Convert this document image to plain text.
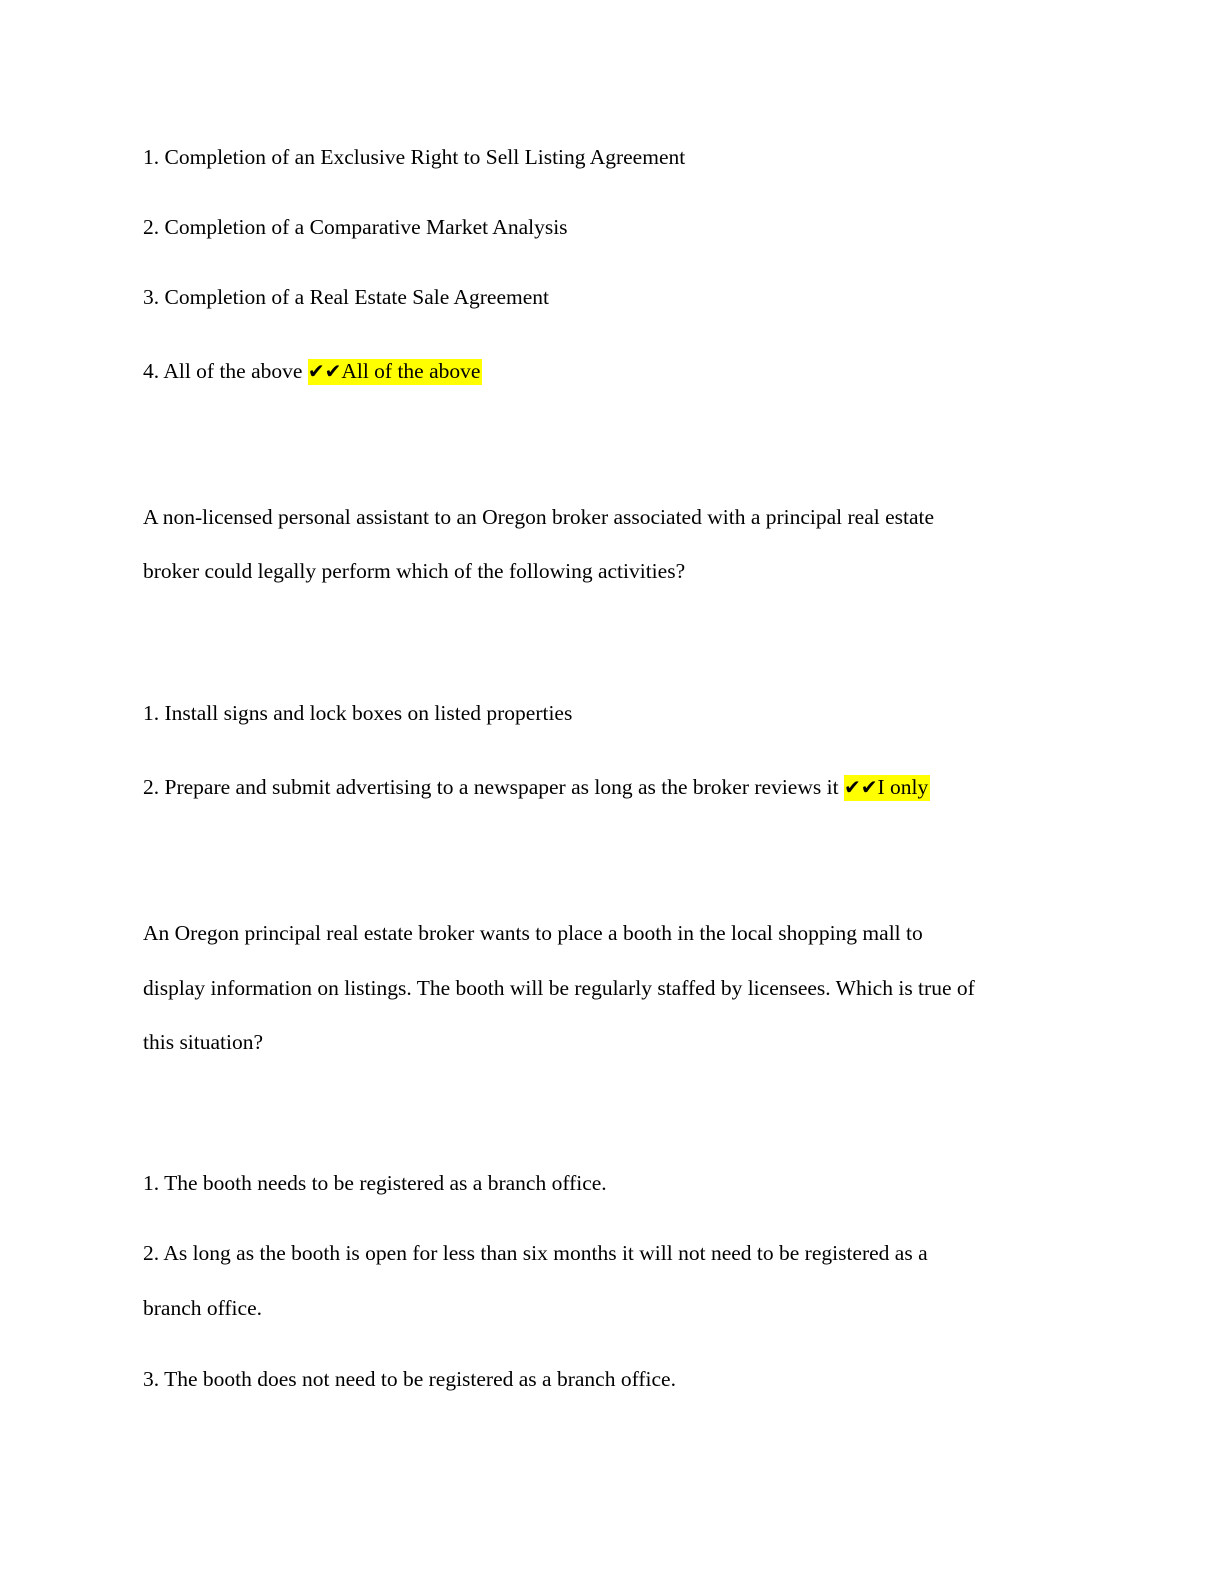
1. Completion of an Exclusive Right to Sell Listing Agreement
2. Completion of a Comparative Market Analysis
3. Completion of a Real Estate Sale Agreement
4. All of the above ✔✔All of the above
A non-licensed personal assistant to an Oregon broker associated with a principal real estate
broker could legally perform which of the following activities?
1. Install signs and lock boxes on listed properties
2. Prepare and submit advertising to a newspaper as long as the broker reviews it ✔✔I only
An Oregon principal real estate broker wants to place a booth in the local shopping mall to
display information on listings. The booth will be regularly staffed by licensees. Which is true of
this situation?
1. The booth needs to be registered as a branch office.
2. As long as the booth is open for less than six months it will not need to be registered as a
branch office.
3. The booth does not need to be registered as a branch office.
